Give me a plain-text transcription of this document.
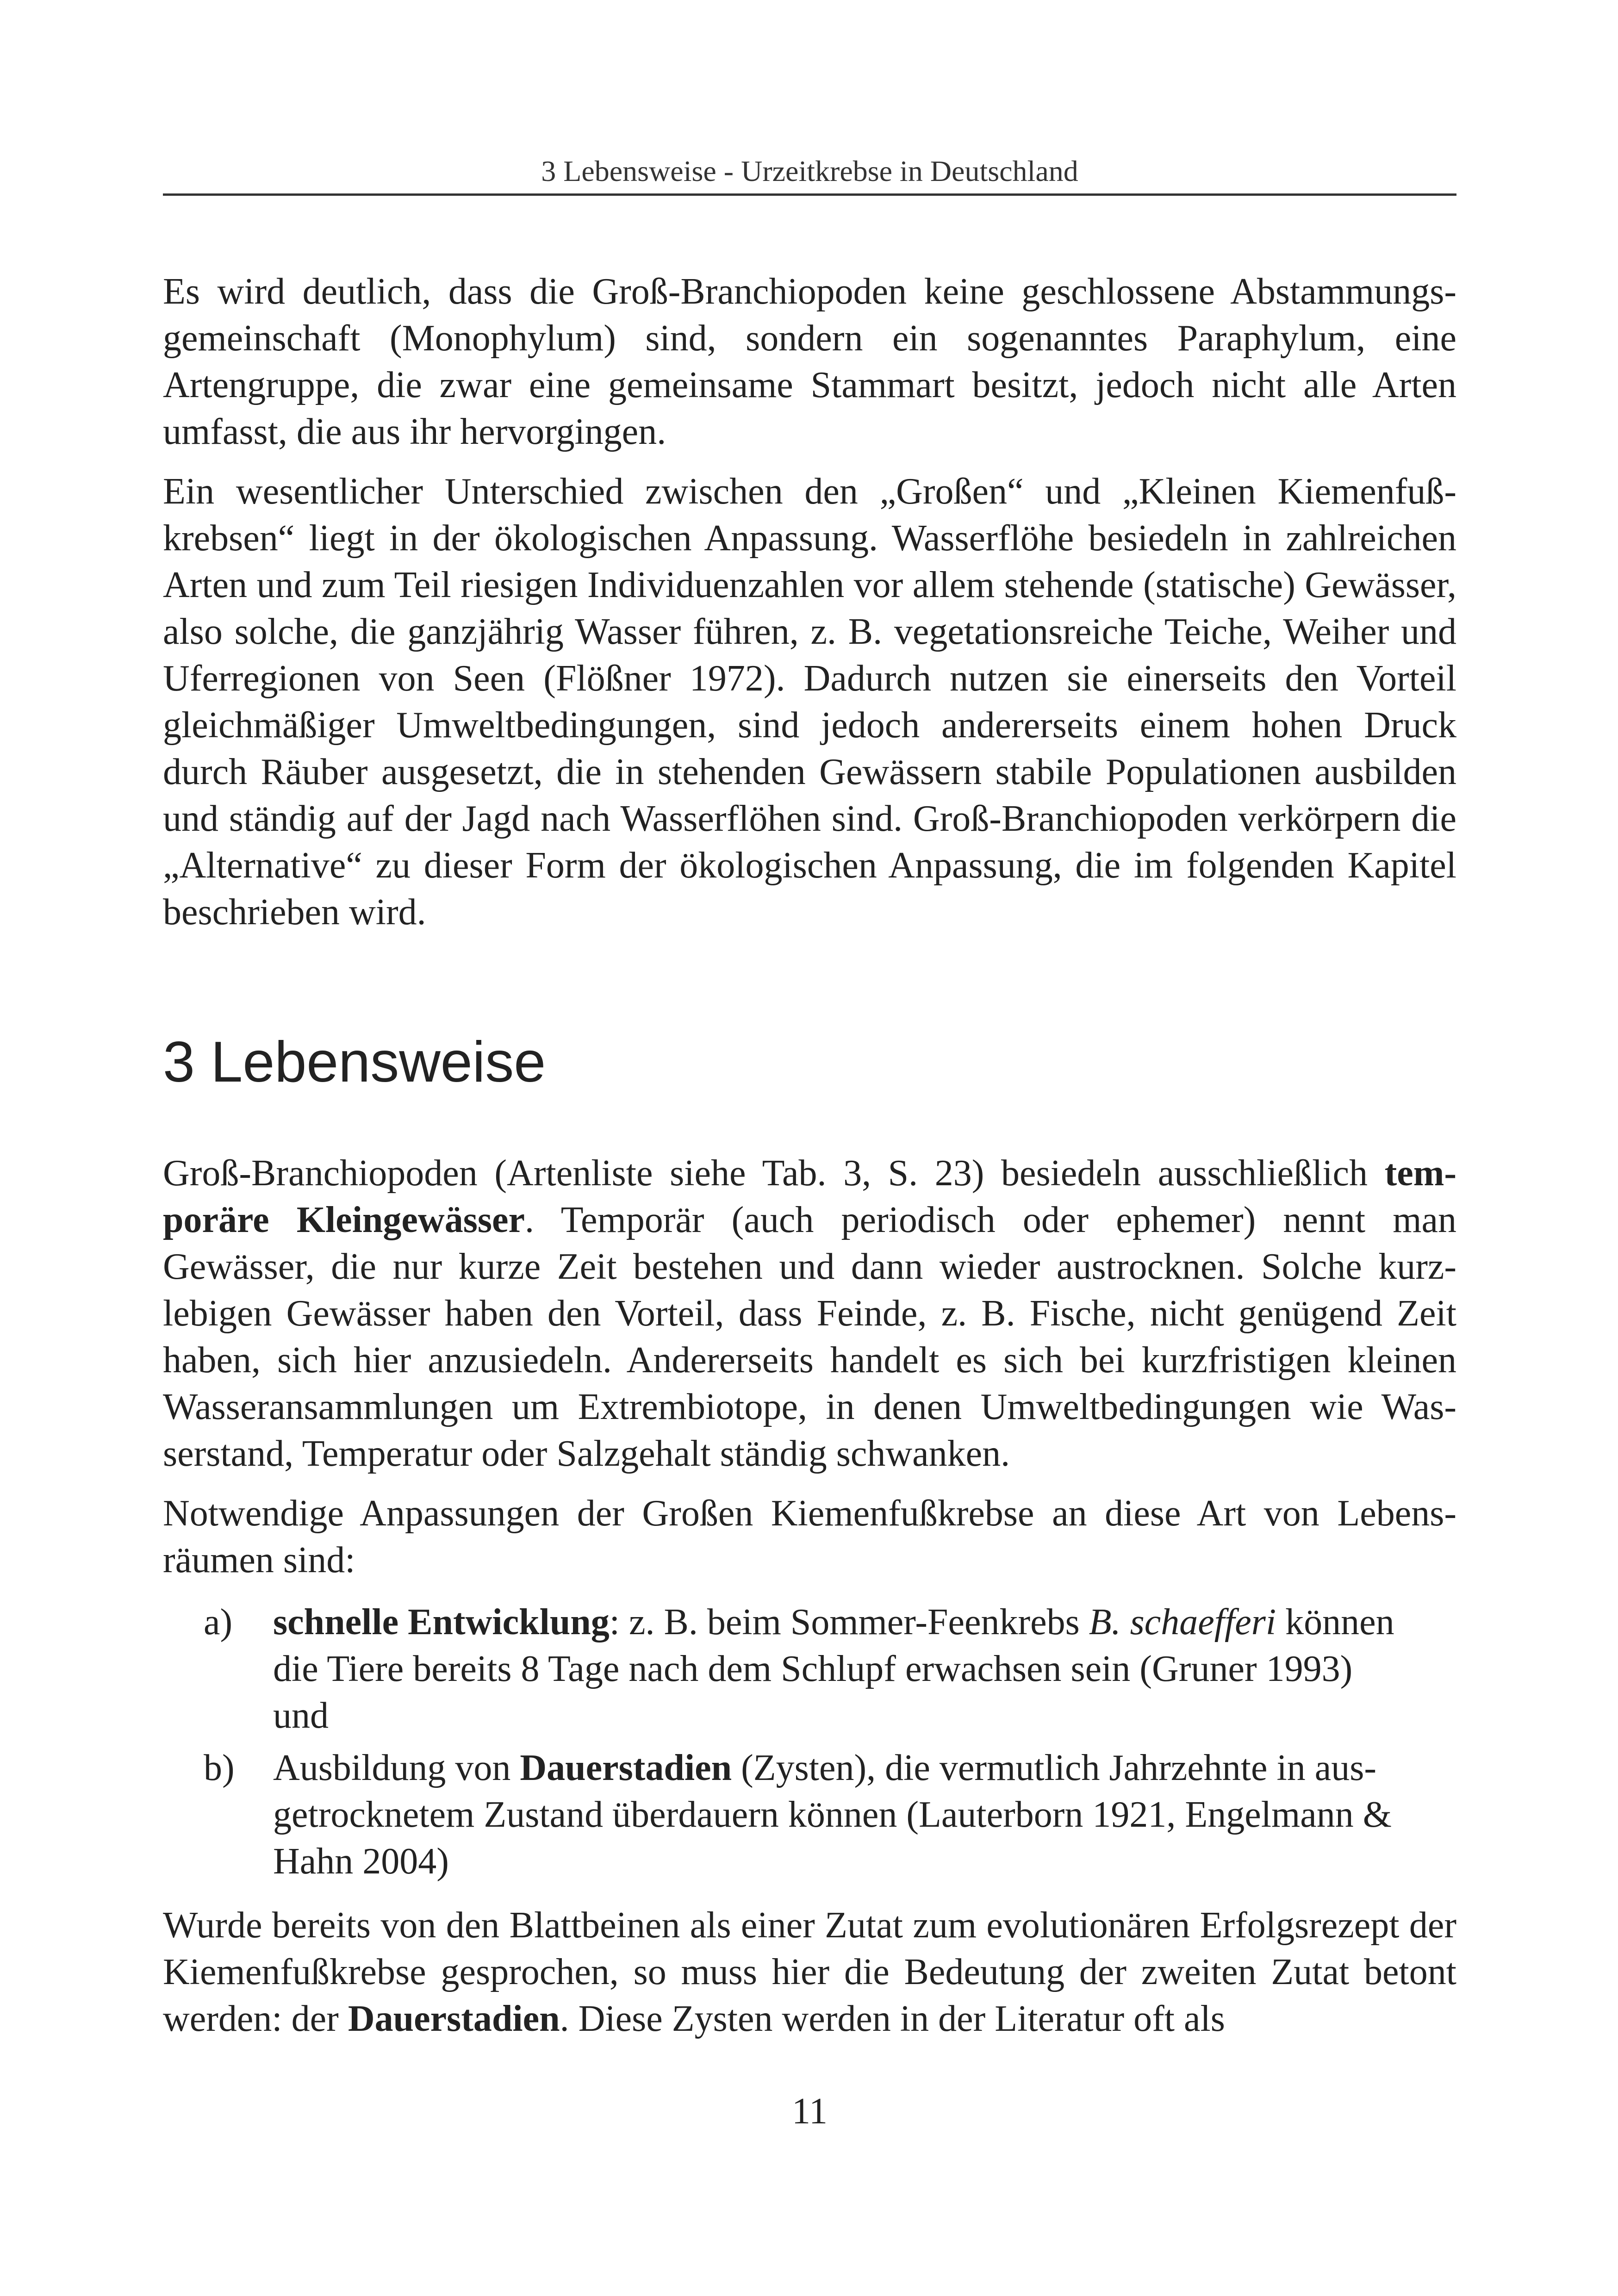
3 Lebensweise - Urzeitkrebse in Deutschland

Es wird deutlich, dass die Groß-Branchiopoden keine geschlossene Abstammungsgemeinschaft (Monophylum) sind, sondern ein sogenanntes Paraphylum, eine Artengruppe, die zwar eine gemeinsame Stammart besitzt, jedoch nicht alle Arten umfasst, die aus ihr hervorgingen.

Ein wesentlicher Unterschied zwischen den „Großen“ und „Kleinen Kiemenfußkrebsen“ liegt in der ökologischen Anpassung. Wasserflöhe besiedeln in zahlreichen Arten und zum Teil riesigen Individuenzahlen vor allem stehende (statische) Gewässer, also solche, die ganzjährig Wasser führen, z. B. vegetationsreiche Teiche, Weiher und Uferregionen von Seen (Flößner 1972). Dadurch nutzen sie einerseits den Vorteil gleichmäßiger Umweltbedingungen, sind jedoch andererseits einem hohen Druck durch Räuber ausgesetzt, die in stehenden Gewässern stabile Populationen ausbilden und ständig auf der Jagd nach Wasserflöhen sind. Groß-Branchiopoden verkörpern die „Alternative“ zu dieser Form der ökologischen Anpassung, die im folgenden Kapitel beschrieben wird.

3 Lebensweise

Groß-Branchiopoden (Artenliste siehe Tab. 3, S. 23) besiedeln ausschließlich temporäre Kleingewässer. Temporär (auch periodisch oder ephemer) nennt man Gewässer, die nur kurze Zeit bestehen und dann wieder austrocknen. Solche kurzlebigen Gewässer haben den Vorteil, dass Feinde, z. B. Fische, nicht genügend Zeit haben, sich hier anzusiedeln. Andererseits handelt es sich bei kurzfristigen kleinen Wasseransammlungen um Extrembiotope, in denen Umweltbedingungen wie Wasserstand, Temperatur oder Salzgehalt ständig schwanken.

Notwendige Anpassungen der Großen Kiemenfußkrebse an diese Art von Lebensräumen sind:

a)	schnelle Entwicklung: z. B. beim Sommer-Feenkrebs B. schaefferi können die Tiere bereits 8 Tage nach dem Schlupf erwachsen sein (Gruner 1993) und
b)	Ausbildung von Dauerstadien (Zysten), die vermutlich Jahrzehnte in ausgetrocknetem Zustand überdauern können (Lauterborn 1921, Engelmann & Hahn 2004)

Wurde bereits von den Blattbeinen als einer Zutat zum evolutionären Erfolgsrezept der Kiemenfußkrebse gesprochen, so muss hier die Bedeutung der zweiten Zutat betont werden: der Dauerstadien. Diese Zysten werden in der Literatur oft als

11
